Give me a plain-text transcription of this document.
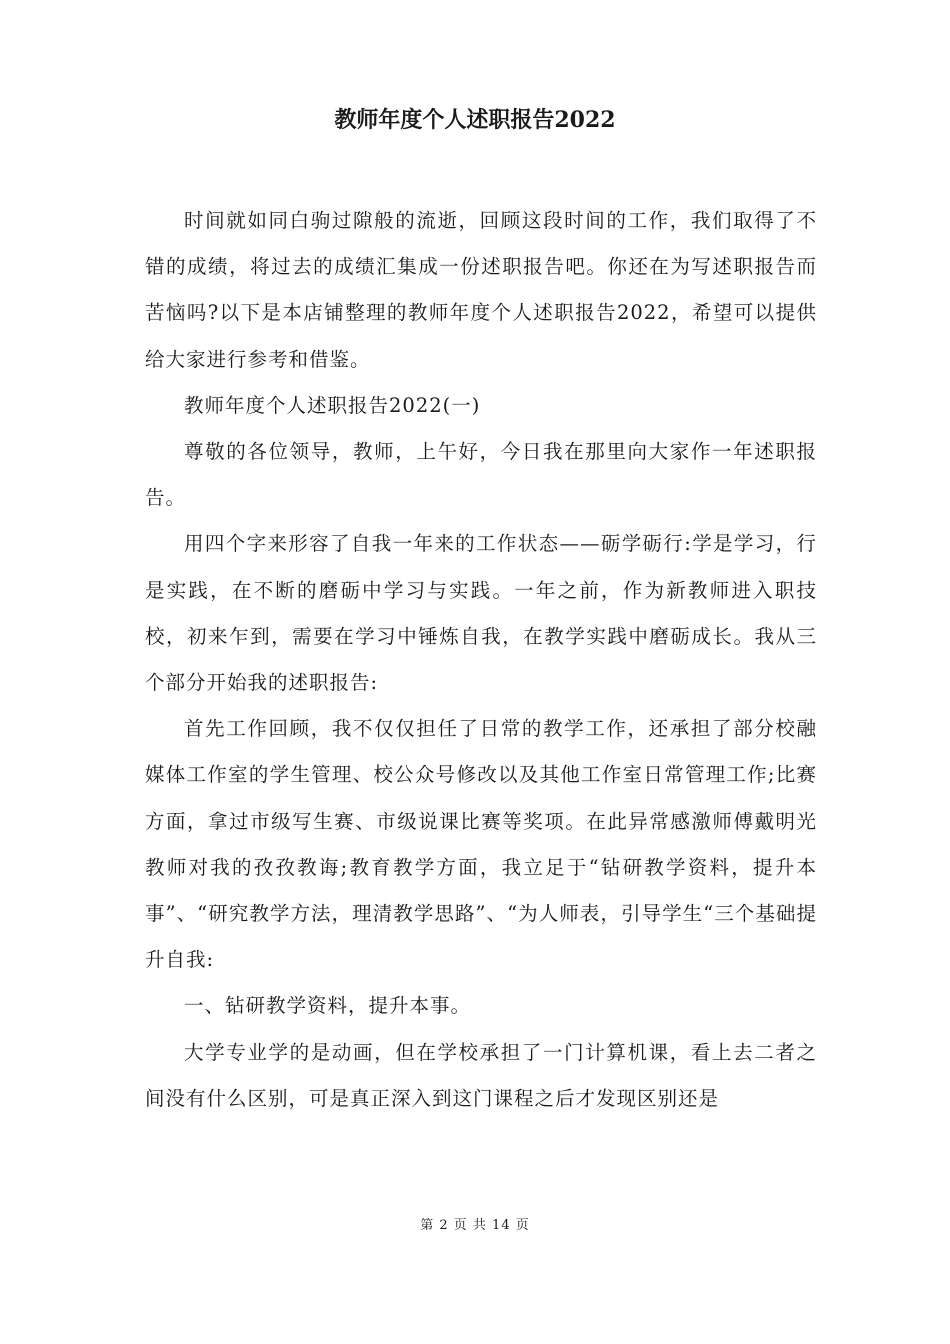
教师年度个人述职报告2022

时间就如同白驹过隙般的流逝，回顾这段时间的工作，我们取得了不错的成绩，将过去的成绩汇集成一份述职报告吧。你还在为写述职报告而苦恼吗?以下是本店铺整理的教师年度个人述职报告2022，希望可以提供给大家进行参考和借鉴。

教师年度个人述职报告2022(一)

尊敬的各位领导，教师，上午好，今日我在那里向大家作一年述职报告。

用四个字来形容了自我一年来的工作状态——砺学砺行:学是学习，行是实践，在不断的磨砺中学习与实践。一年之前，作为新教师进入职技校，初来乍到，需要在学习中锤炼自我，在教学实践中磨砺成长。我从三个部分开始我的述职报告:

首先工作回顾，我不仅仅担任了日常的教学工作，还承担了部分校融媒体工作室的学生管理、校公众号修改以及其他工作室日常管理工作;比赛方面，拿过市级写生赛、市级说课比赛等奖项。在此异常感激师傅戴明光教师对我的孜孜教诲;教育教学方面，我立足于“钻研教学资料，提升本事”、“研究教学方法，理清教学思路”、“为人师表，引导学生“三个基础提升自我:

一、钻研教学资料，提升本事。

大学专业学的是动画，但在学校承担了一门计算机课，看上去二者之间没有什么区别，可是真正深入到这门课程之后才发现区别还是

第 2 页 共 14 页
